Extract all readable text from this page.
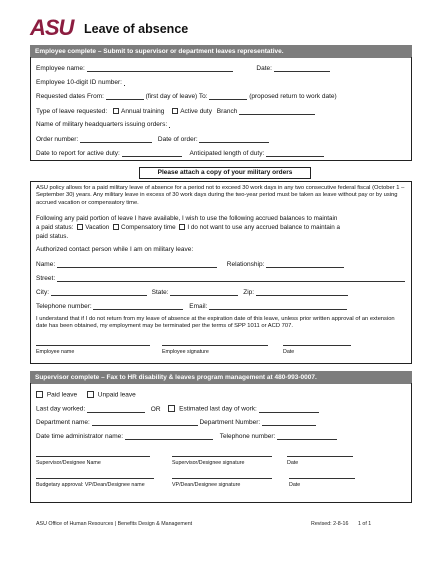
ASU Leave of absence
Employee complete – Submit to supervisor or department leaves representative.
Employee name:	Date:
Employee 10-digit ID number:
Requested dates From:	(first day of leave) To:	(proposed return to work date)
Type of leave requested: Annual training Active duty Branch
Name of military headquarters issuing orders:
Order number:	Date of order:
Date to report for active duty:	Anticipated length of duty:
Please attach a copy of your military orders
ASU policy allows for a paid military leave of absence for a period not to exceed 30 work days in any two consecutive federal fiscal (October 1 – September 30) years. Any military leave in excess of 30 work days during the two-year period must be taken as leave without pay or by using accrued vacation or compensatory time.
Following any paid portion of leave I have available, I wish to use the following accrued balances to maintain
a paid status: Vacation Compensatory time I do not want to use any accrued balance to maintain a
paid status.
Authorized contact person while I am on military leave:
Name:	Relationship:
Street:
City:	State:	Zip:
Telephone number:	Email:
I understand that if I do not return from my leave of absence at the expiration date of this leave, unless prior written approval of an extension date has been obtained, my employment may be terminated per the terms of SPP 1011 or ACD 707.
Employee name	Employee signature	Date
Supervisor complete – Fax to HR disability & leaves program management at 480-993-0007.
Paid leave	Unpaid leave
Last day worked:	OR	Estimated last day of work:
Department name:	Department Number:
Date time administrator name:	Telephone number:
Supervisor/Designee Name	Supervisor/Designee signature	Date
Budgetary approval: VP/Dean/Designee name	VP/Dean/Designee signature	Date
ASU Office of Human Resources | Benefits Design & Management	Revised: 2-8-16 1 of 1
